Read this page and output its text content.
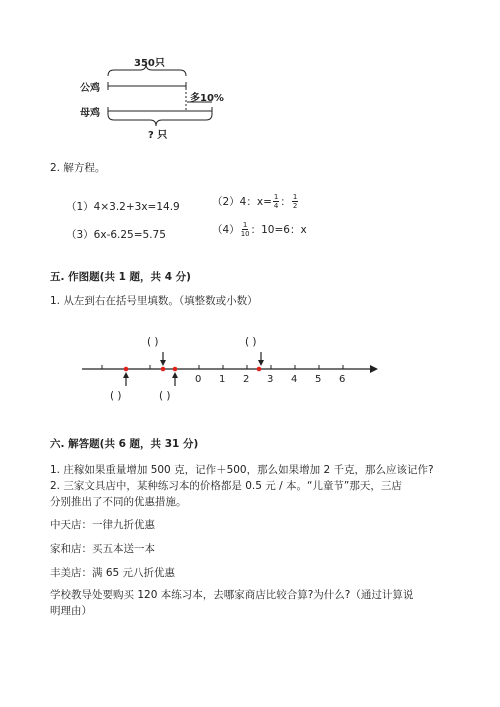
350只
公鸡
母鸡
多10%
? 只
2. 解方程。
（1）4×3.2+3x=14.9	（2）4：$x= \frac{1}{4}$ ： $\frac{1}{2}$
（3）6x-6.25=5.75	$(4) \frac{1}{10}$ ：10=6：x
五. 作图题(共 1 题，共 4 分)
1. 从左到右在括号里填数。（填整数或小数）
( )	( )
( )	( )
0 1 2 3 4 5 6
六. 解答题(共 6 题，共 31 分)
1. 庄稼如果重量增加 500 克，记作＋500，那么如果增加 2 千克，那么应该记作?
2. 三家文具店中，某种练习本的价格都是 0.5 元 / 本。“儿童节”那天，三店
分别推出了不同的优惠措施。
中天店：一律九折优惠
家和店：买五本送一本
丰美店：满 65 元八折优惠
学校教导处要购买 120 本练习本，去哪家商店比较合算?为什么?（通过计算说
明理由）
